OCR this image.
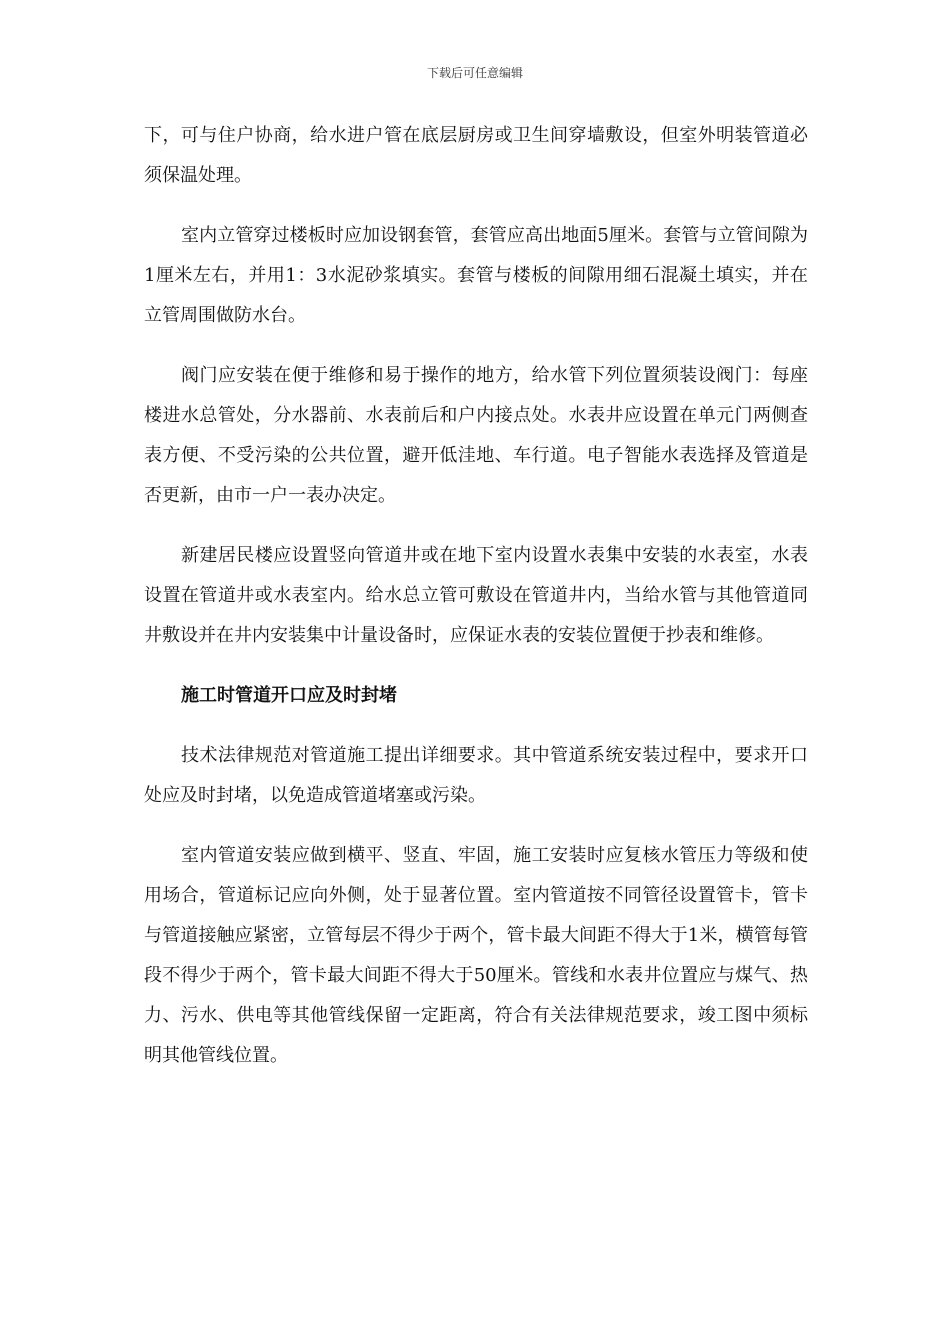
下载后可任意编辑

下，可与住户协商，给水进户管在底层厨房或卫生间穿墙敷设，但室外明装管道必须保温处理。

室内立管穿过楼板时应加设钢套管，套管应高出地面5厘米。套管与立管间隙为1厘米左右，并用1：3水泥砂浆填实。套管与楼板的间隙用细石混凝土填实，并在立管周围做防水台。

阀门应安装在便于维修和易于操作的地方，给水管下列位置须装设阀门：每座楼进水总管处，分水器前、水表前后和户内接点处。水表井应设置在单元门两侧查表方便、不受污染的公共位置，避开低洼地、车行道。电子智能水表选择及管道是否更新，由市一户一表办决定。

新建居民楼应设置竖向管道井或在地下室内设置水表集中安装的水表室，水表设置在管道井或水表室内。给水总立管可敷设在管道井内，当给水管与其他管道同井敷设并在井内安装集中计量设备时，应保证水表的安装位置便于抄表和维修。

施工时管道开口应及时封堵

技术法律规范对管道施工提出详细要求。其中管道系统安装过程中，要求开口处应及时封堵，以免造成管道堵塞或污染。

室内管道安装应做到横平、竖直、牢固，施工安装时应复核水管压力等级和使用场合，管道标记应向外侧，处于显著位置。室内管道按不同管径设置管卡，管卡与管道接触应紧密，立管每层不得少于两个，管卡最大间距不得大于1米，横管每管段不得少于两个，管卡最大间距不得大于50厘米。管线和水表井位置应与煤气、热力、污水、供电等其他管线保留一定距离，符合有关法律规范要求，竣工图中须标明其他管线位置。
